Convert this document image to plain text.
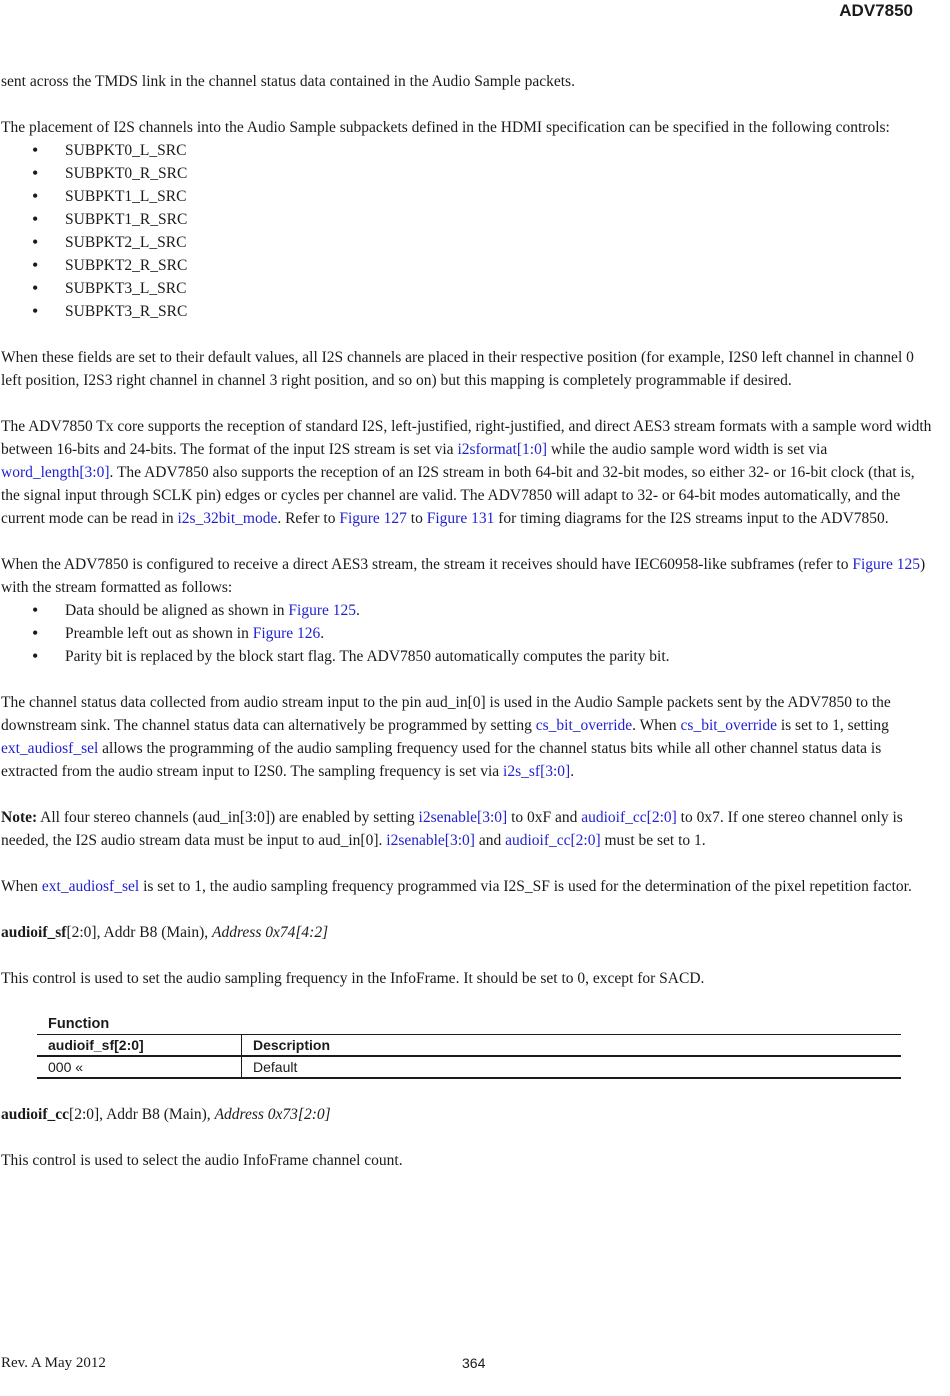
ADV7850

sent across the TMDS link in the channel status data contained in the Audio Sample packets.

The placement of I2S channels into the Audio Sample subpackets defined in the HDMI specification can be specified in the following controls:

• SUBPKT0_L_SRC
• SUBPKT0_R_SRC
• SUBPKT1_L_SRC
• SUBPKT1_R_SRC
• SUBPKT2_L_SRC
• SUBPKT2_R_SRC
• SUBPKT3_L_SRC
• SUBPKT3_R_SRC

When these fields are set to their default values, all I2S channels are placed in their respective position (for example, I2S0 left channel in channel 0 left position, I2S3 right channel in channel 3 right position, and so on) but this mapping is completely programmable if desired.

The ADV7850 Tx core supports the reception of standard I2S, left-justified, right-justified, and direct AES3 stream formats with a sample word width between 16-bits and 24-bits. The format of the input I2S stream is set via i2sformat[1:0] while the audio sample word width is set via word_length[3:0]. The ADV7850 also supports the reception of an I2S stream in both 64-bit and 32-bit modes, so either 32- or 16-bit clock (that is, the signal input through SCLK pin) edges or cycles per channel are valid. The ADV7850 will adapt to 32- or 64-bit modes automatically, and the current mode can be read in i2s_32bit_mode. Refer to Figure 127 to Figure 131 for timing diagrams for the I2S streams input to the ADV7850.

When the ADV7850 is configured to receive a direct AES3 stream, the stream it receives should have IEC60958-like subframes (refer to Figure 125) with the stream formatted as follows:

• Data should be aligned as shown in Figure 125.
• Preamble left out as shown in Figure 126.
• Parity bit is replaced by the block start flag. The ADV7850 automatically computes the parity bit.

The channel status data collected from audio stream input to the pin aud_in[0] is used in the Audio Sample packets sent by the ADV7850 to the downstream sink. The channel status data can alternatively be programmed by setting cs_bit_override. When cs_bit_override is set to 1, setting ext_audiosf_sel allows the programming of the audio sampling frequency used for the channel status bits while all other channel status data is extracted from the audio stream input to I2S0. The sampling frequency is set via i2s_sf[3:0].

Note: All four stereo channels (aud_in[3:0]) are enabled by setting i2senable[3:0] to 0xF and audioif_cc[2:0] to 0x7. If one stereo channel only is needed, the I2S audio stream data must be input to aud_in[0]. i2senable[3:0] and audioif_cc[2:0] must be set to 1.

When ext_audiosf_sel is set to 1, the audio sampling frequency programmed via I2S_SF is used for the determination of the pixel repetition factor.

audioif_sf[2:0], Addr B8 (Main), Address 0x74[4:2]

This control is used to set the audio sampling frequency in the InfoFrame. It should be set to 0, except for SACD.

Function
audioif_sf[2:0]	Description
000 «	Default

audioif_cc[2:0], Addr B8 (Main), Address 0x73[2:0]

This control is used to select the audio InfoFrame channel count.

Rev. A May 2012	364
